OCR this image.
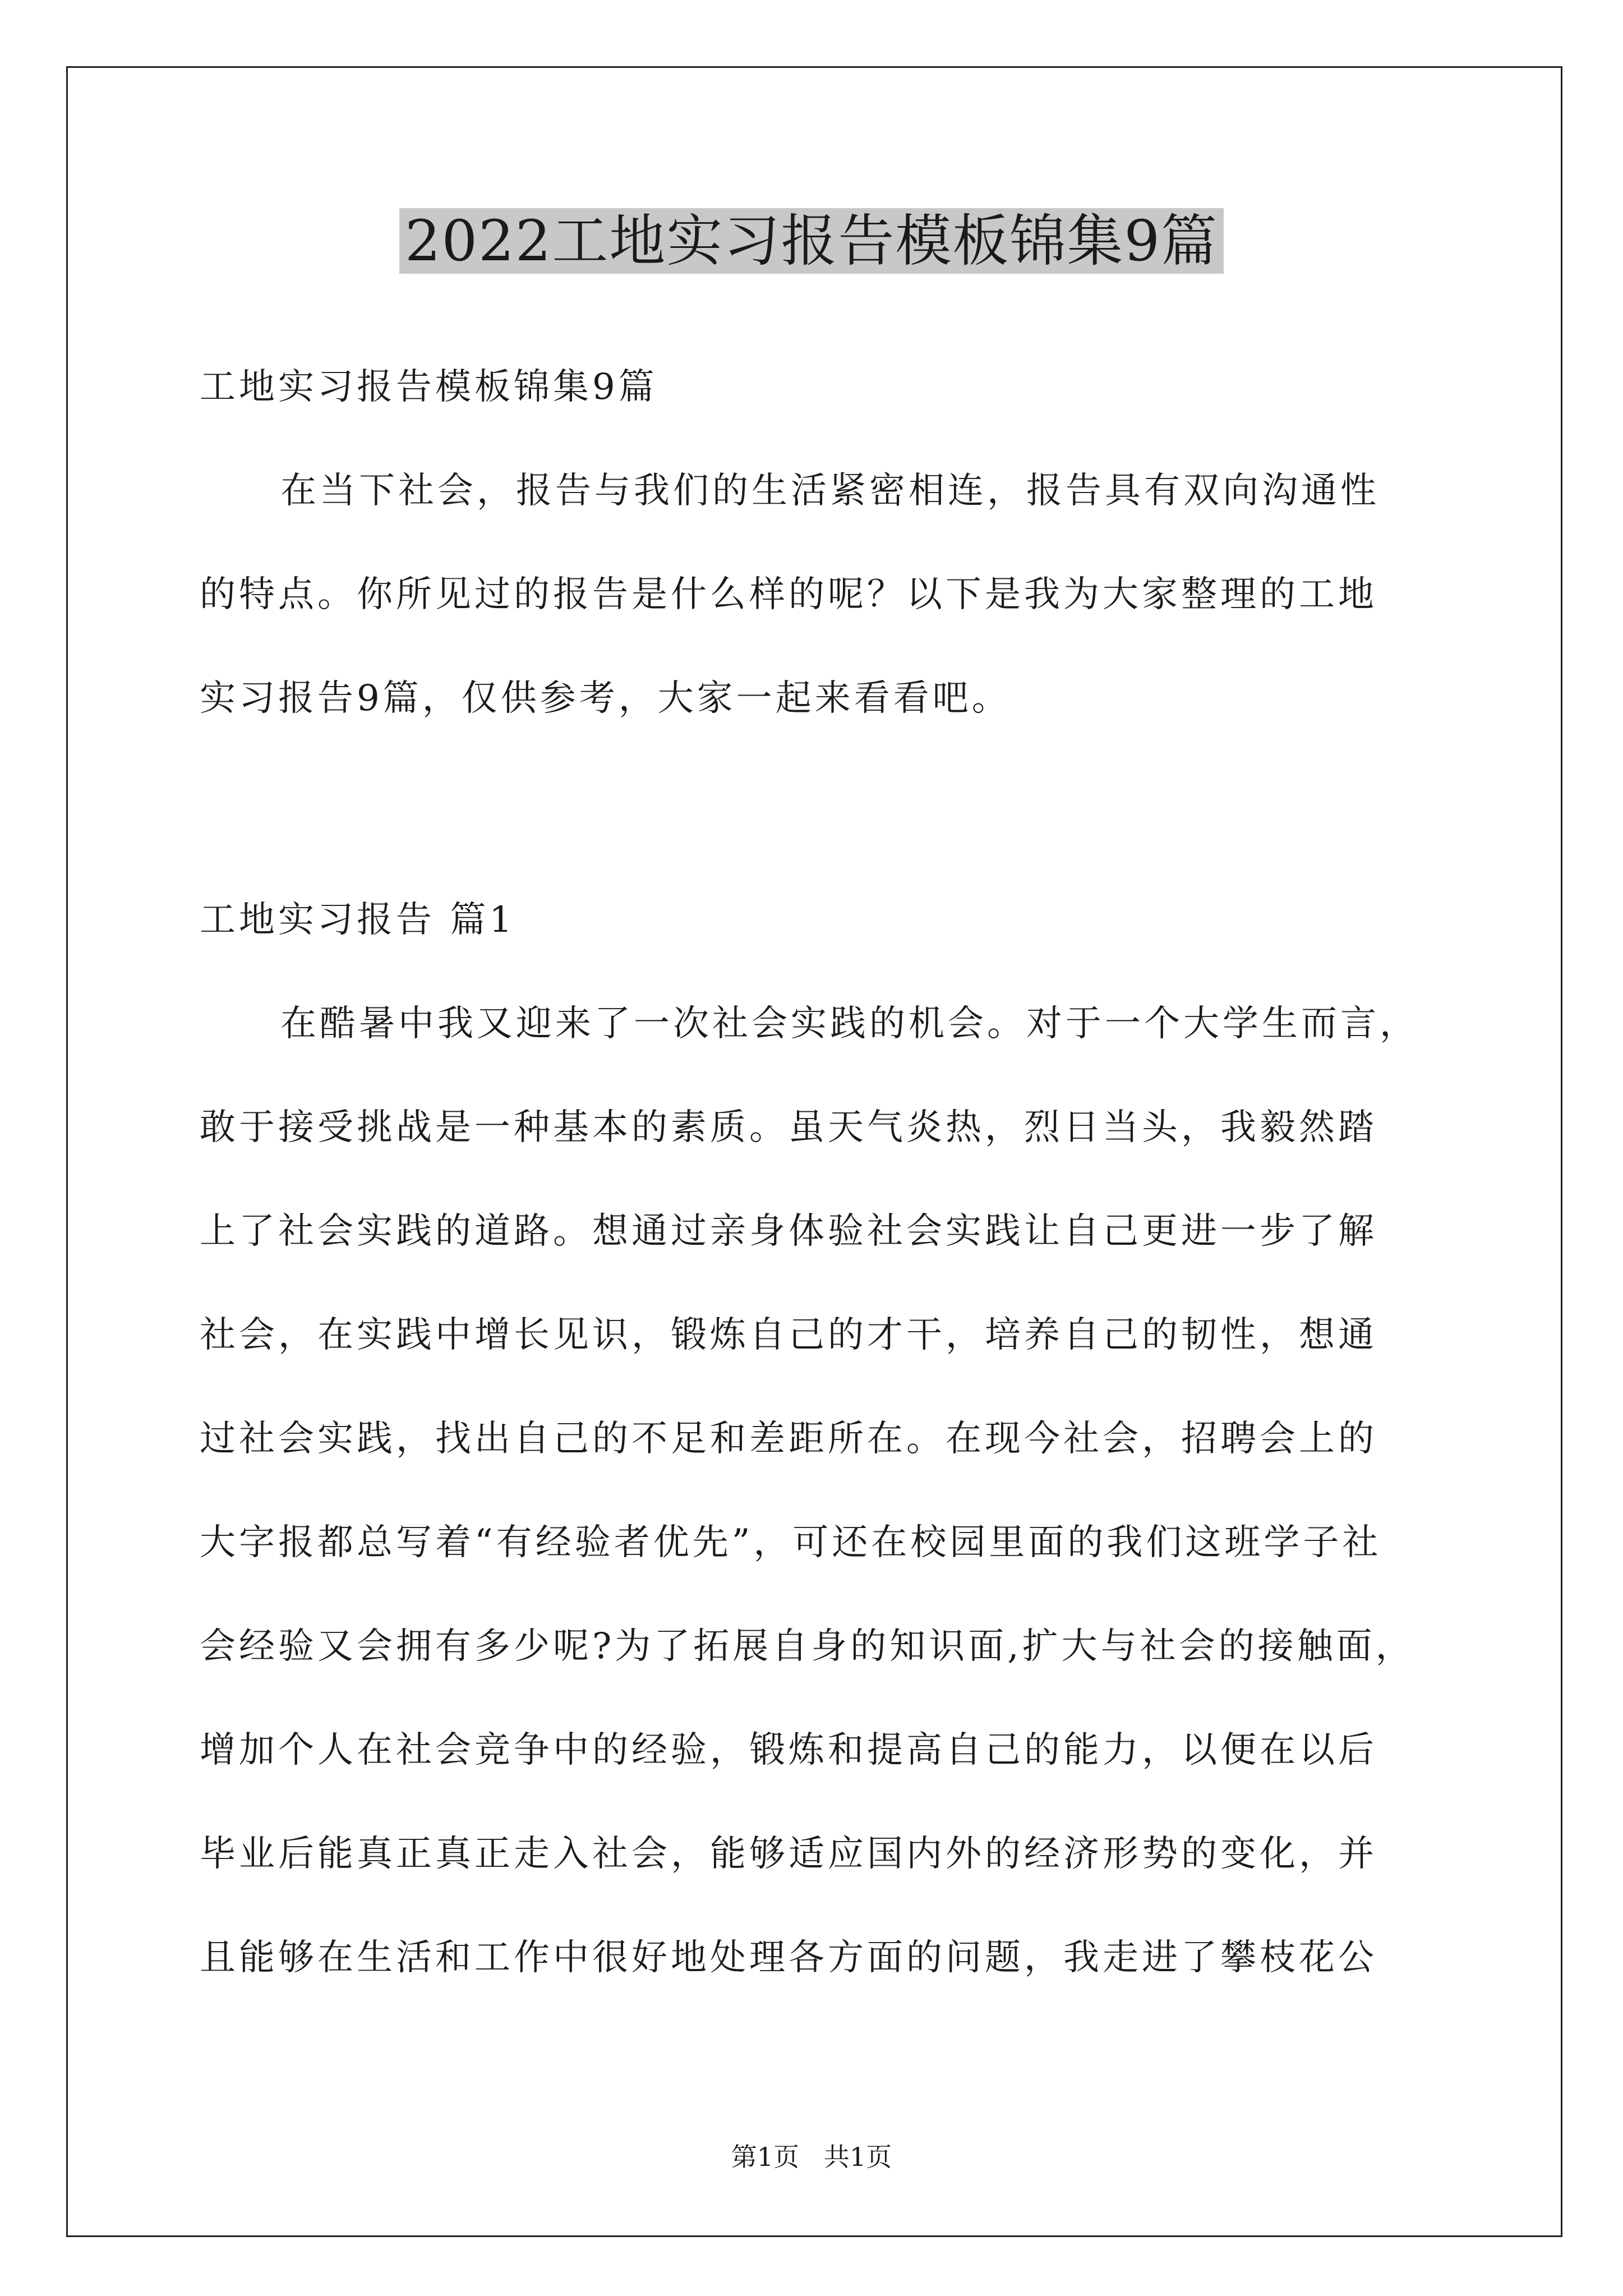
2022工地实习报告模板锦集9篇

工地实习报告模板锦集9篇

在当下社会，报告与我们的生活紧密相连，报告具有双向沟通性

的特点。你所见过的报告是什么样的呢？以下是我为大家整理的工地

实习报告9篇，仅供参考，大家一起来看看吧。

工地实习报告 篇1

在酷暑中我又迎来了一次社会实践的机会。对于一个大学生而言，

敢于接受挑战是一种基本的素质。虽天气炎热，烈日当头，我毅然踏

上了社会实践的道路。想通过亲身体验社会实践让自己更进一步了解

社会，在实践中增长见识，锻炼自己的才干，培养自己的韧性，想通

过社会实践，找出自己的不足和差距所在。在现今社会，招聘会上的

大字报都总写着“有经验者优先”，可还在校园里面的我们这班学子社

会经验又会拥有多少呢?为了拓展自身的知识面,扩大与社会的接触面，

增加个人在社会竞争中的经验，锻炼和提高自己的能力，以便在以后

毕业后能真正真正走入社会，能够适应国内外的经济形势的变化，并

且能够在生活和工作中很好地处理各方面的问题，我走进了攀枝花公

第1页   共1页
